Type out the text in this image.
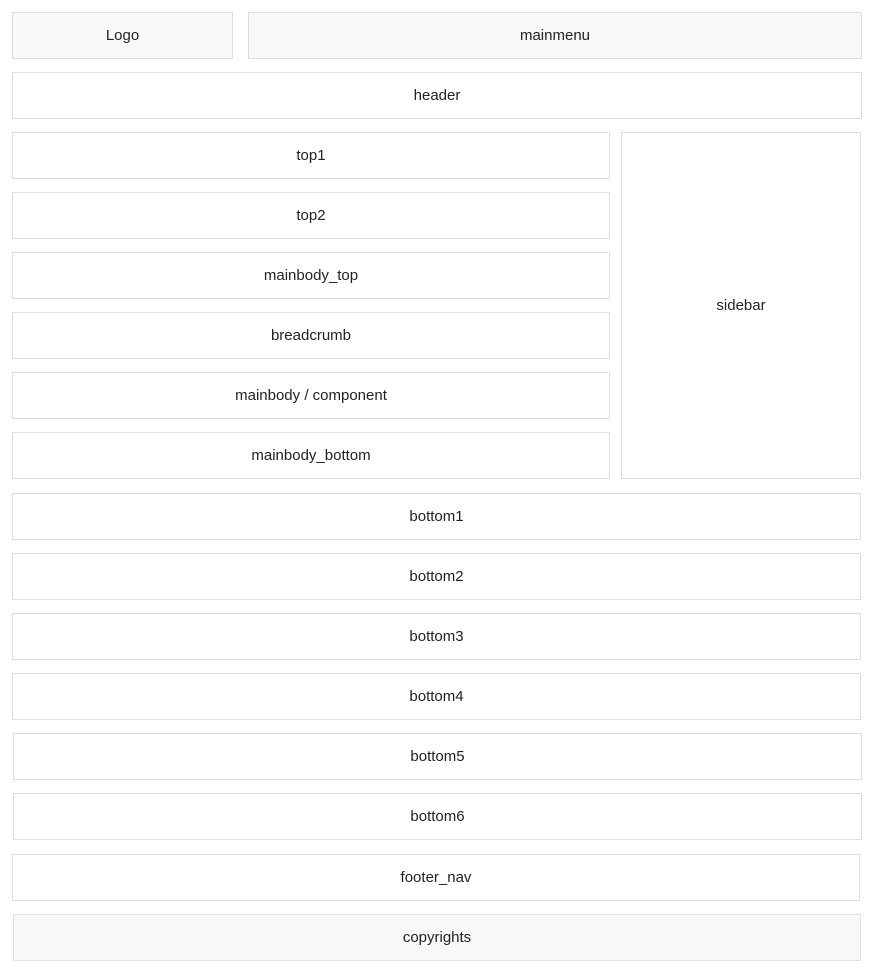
Logo	mainmenu
header
top1
top2
mainbody_top
breadcrumb
mainbody / component
mainbody_bottom
sidebar
bottom1
bottom2
bottom3
bottom4
bottom5
bottom6
footer_nav
copyrights
